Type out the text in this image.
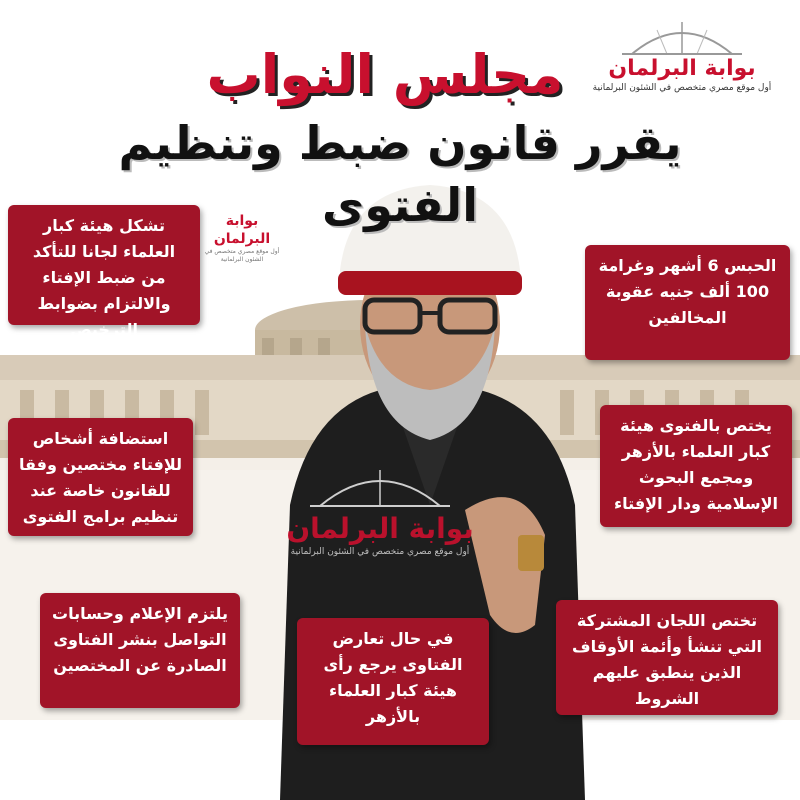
بوابة البرلمان
أول موقع مصري متخصص في الشئون البرلمانية
مجلس النواب
يقرر قانون ضبط وتنظيم الفتوى
بوابة البرلمان
أول موقع مصري متخصص في الشئون البرلمانية
بوابة البرلمان
أول موقع مصري متخصص في الشئون البرلمانية
تشكل هيئة كبار العلماء لجانا للتأكد من ضبط الإفتاء والالتزام بضوابط الترخيص
الحبس 6 أشهر وغرامة 100 ألف جنيه عقوبة المخالفين
استضافة أشخاص للإفتاء مختصين وفقا للقانون خاصة عند تنظيم برامج الفتوى
يختص بالفتوى هيئة كبار العلماء بالأزهر ومجمع البحوث الإسلامية ودار الإفتاء
يلتزم الإعلام وحسابات التواصل بنشر الفتاوى الصادرة عن المختصين
في حال تعارض الفتاوى يرجع رأى هيئة كبار العلماء بالأزهر
تختص اللجان المشتركة التي تنشأ وأئمة الأوقاف الذين ينطبق عليهم الشروط
